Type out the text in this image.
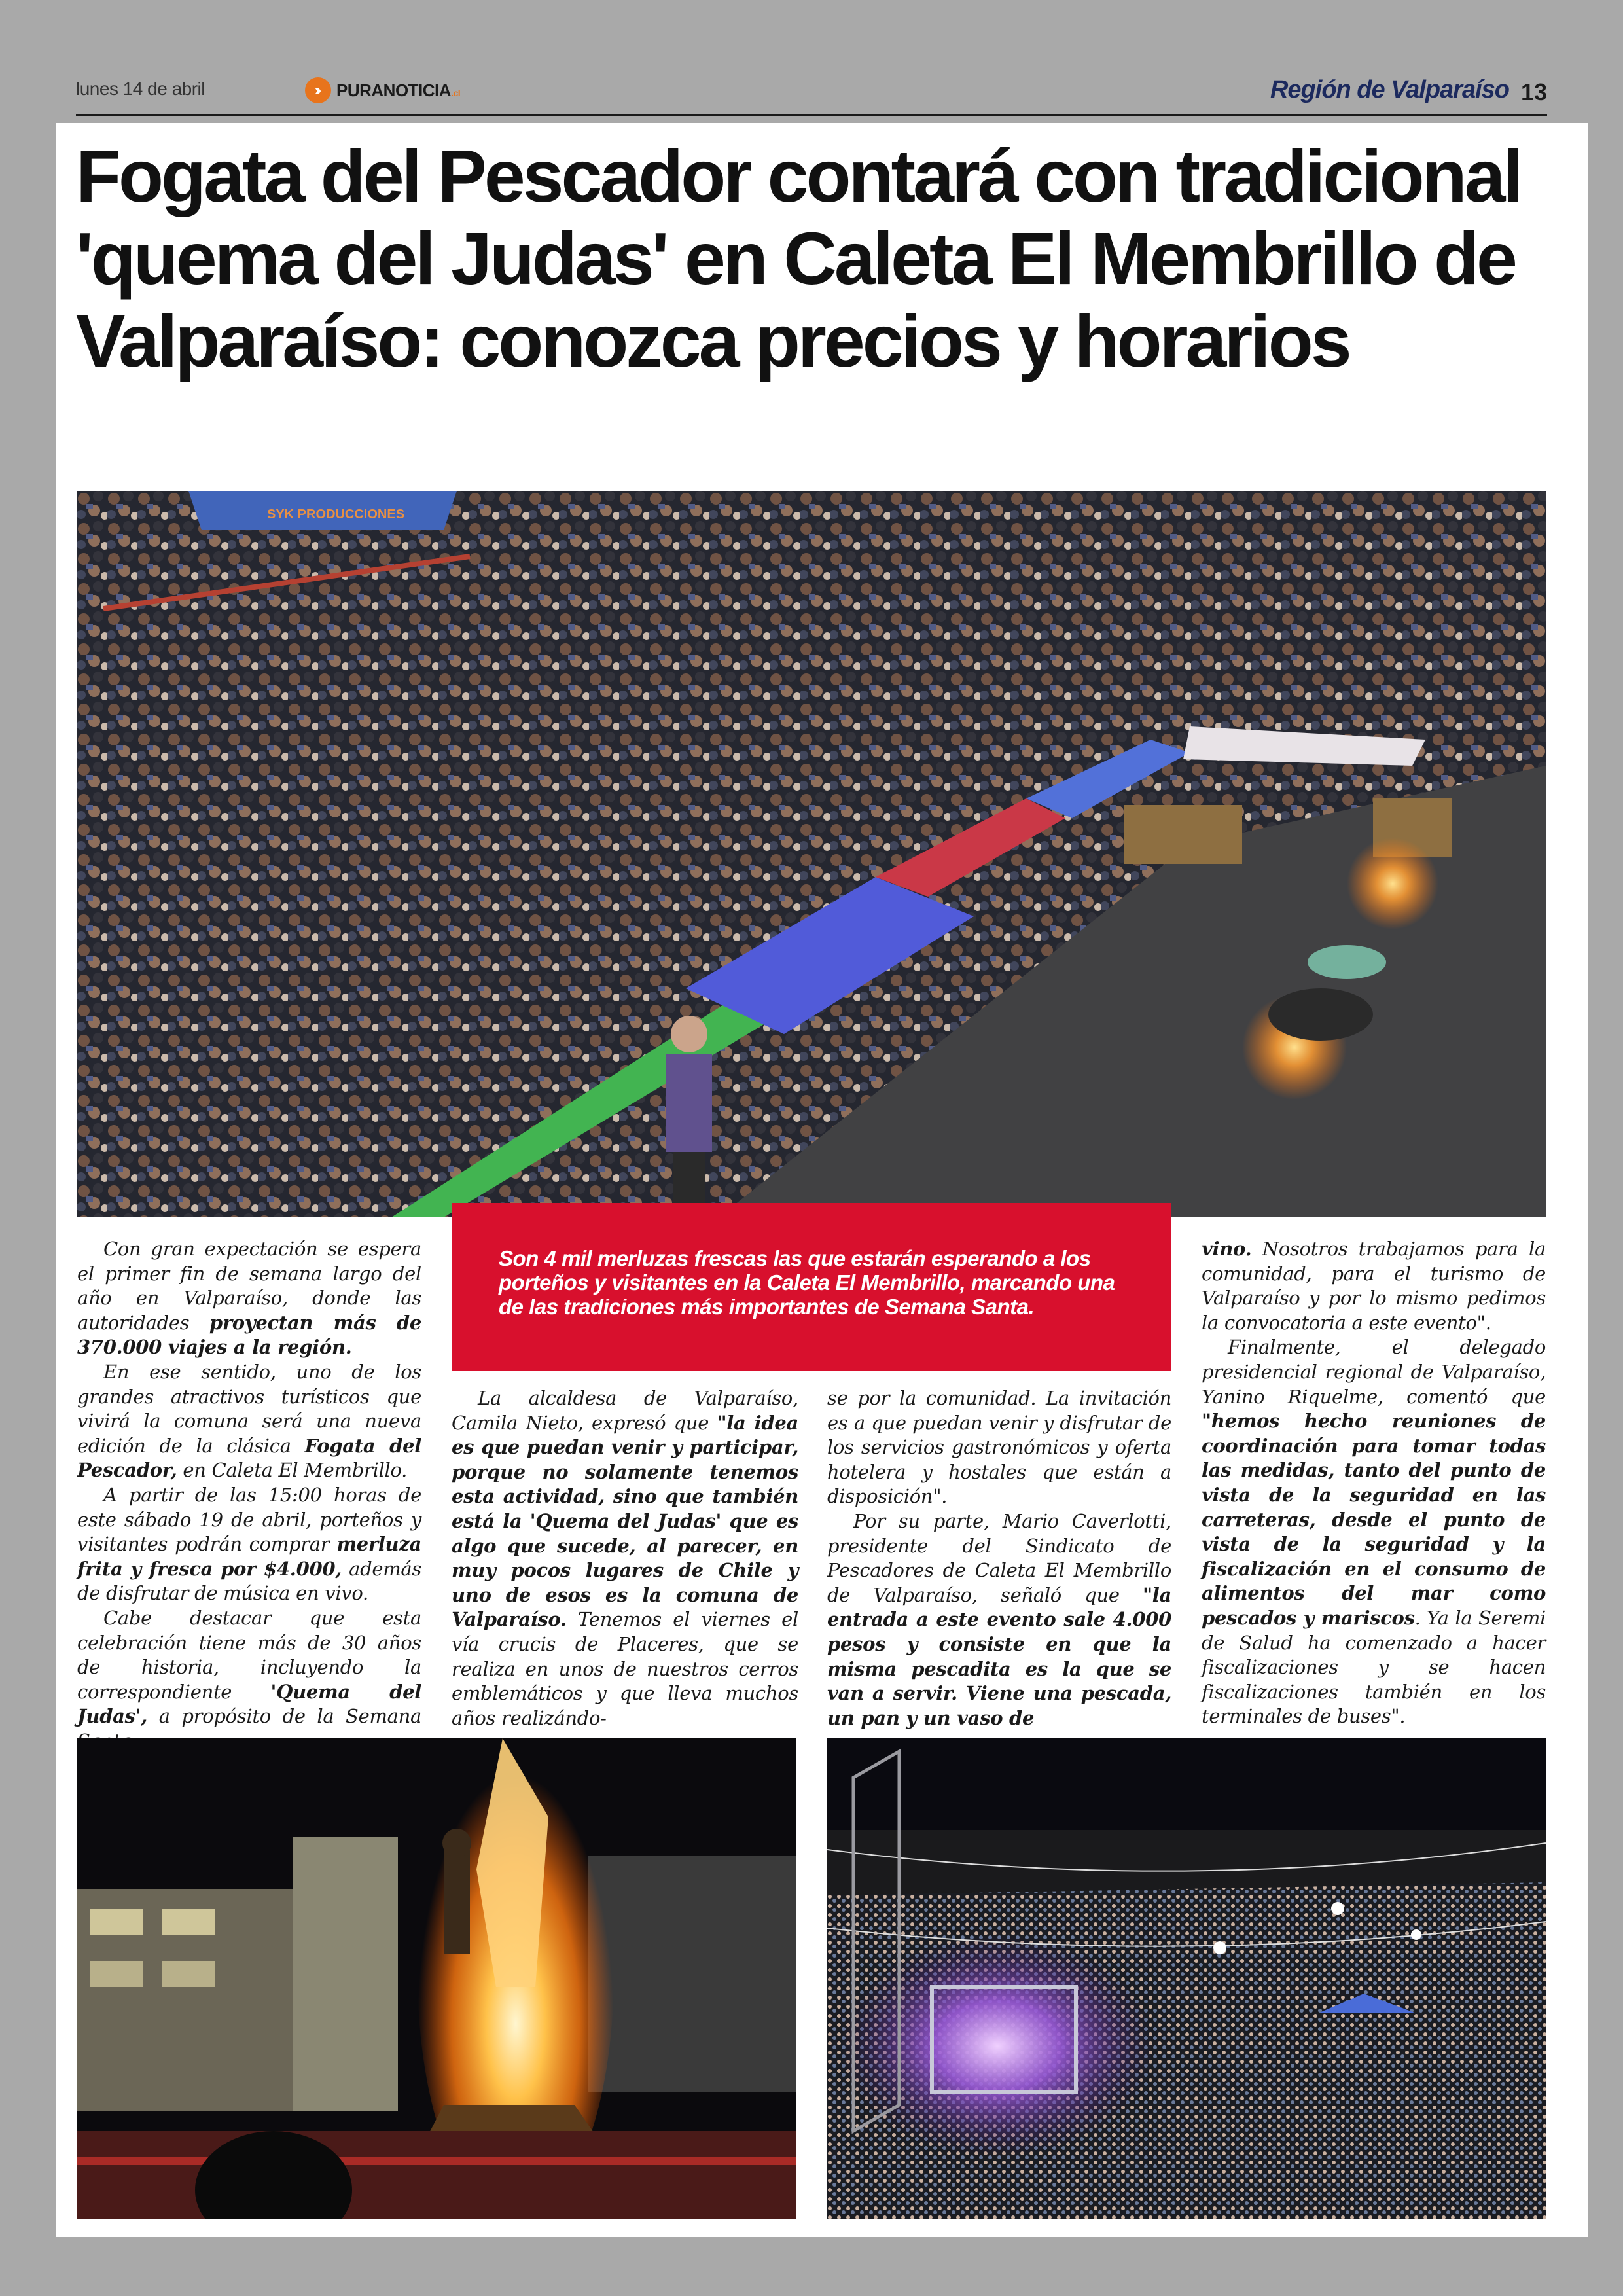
lunes 14 de abril	›››	PURANOTICIA.cl	Región de Valparaíso 13
Fogata del Pescador contará con tradicional 'quema del Judas' en Caleta El Membrillo de Valparaíso: conozca precios y horarios
SYK PRODUCCIONES

Son 4 mil merluzas frescas las que estarán esperando a los porteños y visitantes en la Caleta El Membrillo, marcando una de las tradiciones más importantes de Semana Santa.

Con gran expectación se espera el primer fin de semana largo del año en Valparaíso, donde las autoridades proyectan más de 370.000 viajes a la región.

En ese sentido, uno de los grandes atractivos turísticos que vivirá la comuna será una nueva edición de la clásica Fogata del Pescador, en Caleta El Membrillo.

A partir de las 15:00 horas de este sábado 19 de abril, porteños y visitantes podrán comprar merluza frita y fresca por $4.000, además de disfrutar de música en vivo.

Cabe destacar que esta celebración tiene más de 30 años de historia, incluyendo la correspondiente 'Quema del Judas', a propósito de la Semana

La alcaldesa de Valparaíso, Camila Nieto, expresó que "la idea es que puedan venir y participar, porque no solamente tenemos esta actividad, sino que también está la 'Quema del Judas' que es algo que sucede, al parecer, en muy pocos lugares de Chile y uno de esos es la comuna de Valparaíso. Tenemos el viernes el vía crucis de Placeres, que se realiza en unos de nuestros cerros emblemáticos y que lleva muchos años realizándo-

se por la comunidad. La invitación es a que puedan venir y disfrutar de los servicios gastronómicos y oferta hotelera y hostales que están a disposición".

Por su parte, Mario Caverlotti, presidente del Sindicato de Pescadores de Caleta El Membrillo de Valparaíso, señaló que "la entrada a este evento sale 4.000 pesos y consiste en que la misma pescadita es la que se van a servir. Viene una pescada, un pan y un vaso de

vino. Nosotros trabajamos para la comunidad, para el turismo de Valparaíso y por lo mismo pedimos la convocatoria a este evento".

Finalmente, el delegado presidencial regional de Valparaíso, Yanino Riquelme, comentó que "hemos hecho reuniones de coordinación para tomar todas las medidas, tanto del punto de vista de la seguridad en las carreteras, desde el punto de vista de la seguridad y la fiscalización en el consumo de alimentos del mar como pescados y mariscos. Ya la Seremi de Salud ha comenzado a hacer fiscalizaciones y se hacen fiscalizaciones también en los terminales de buses".
